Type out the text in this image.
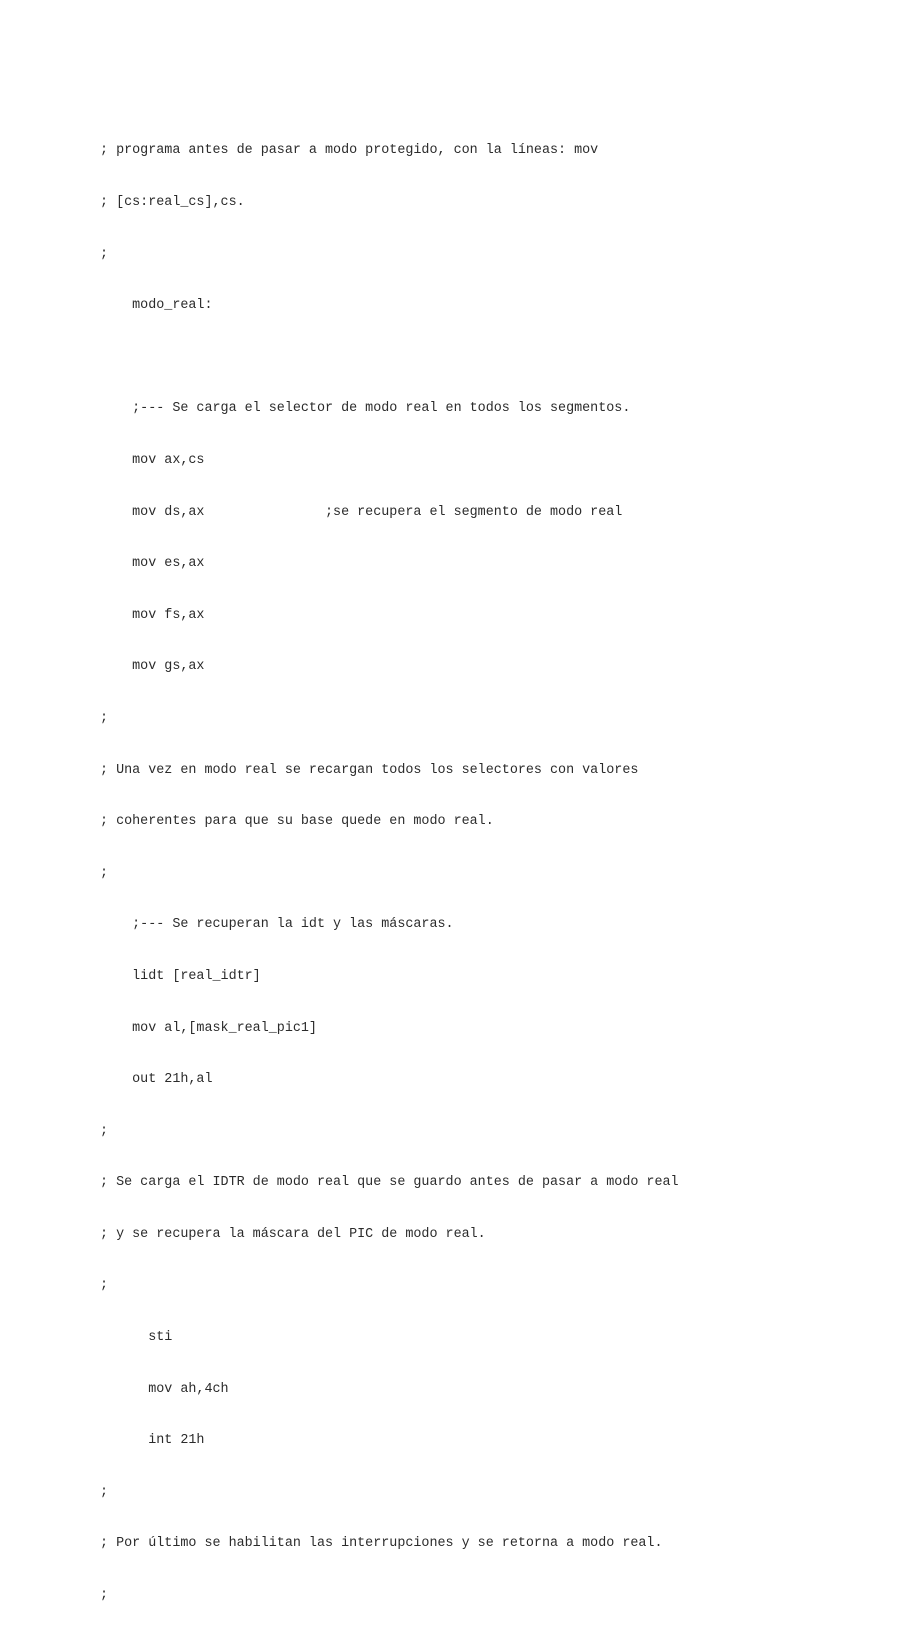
; programa antes de pasar a modo protegido, con la líneas: mov

; [cs:real_cs],cs.

;

modo_real:

;--- Se carga el selector de modo real en todos los segmentos.

mov ax,cs

mov ds,ax               ;se recupera el segmento de modo real

mov es,ax

mov fs,ax

mov gs,ax

;

; Una vez en modo real se recargan todos los selectores con valores

; coherentes para que su base quede en modo real.

;

;--- Se recuperan la idt y las máscaras.

lidt [real_idtr]

mov al,[mask_real_pic1]

out 21h,al

;

; Se carga el IDTR de modo real que se guardo antes de pasar a modo real

; y se recupera la máscara del PIC de modo real.

;

sti

mov ah,4ch

int 21h

;

; Por último se habilitan las interrupciones y se retorna a modo real.

;
